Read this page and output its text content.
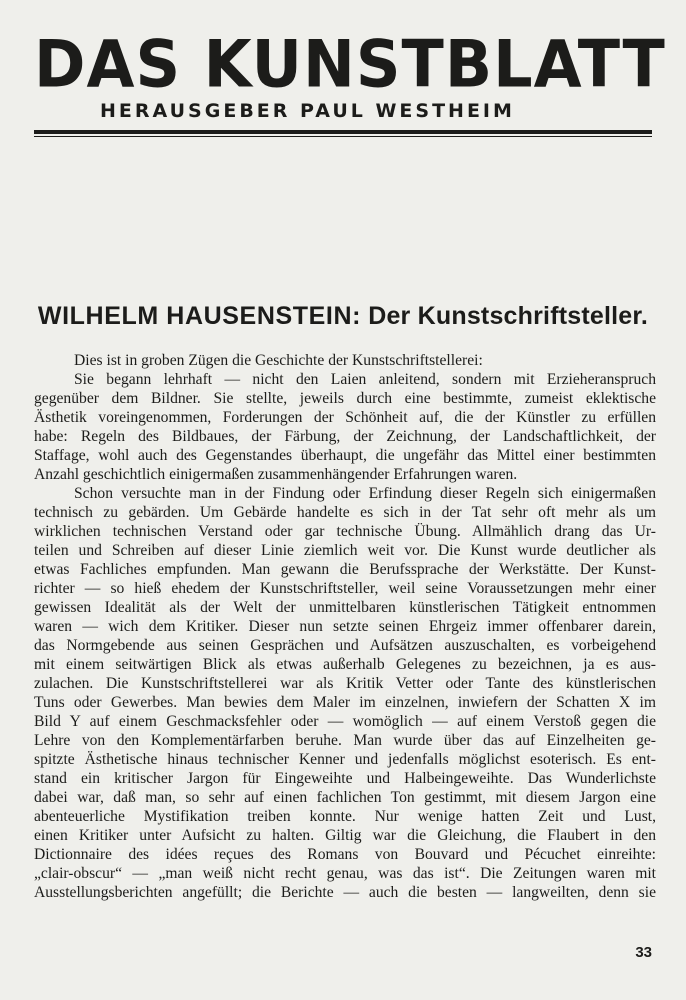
DAS KUNSTBLATT
HERAUSGEBER PAUL WESTHEIM
WILHELM HAUSENSTEIN: Der Kunstschriftsteller.
Dies ist in groben Zügen die Geschichte der Kunstschriftstellerei:
Sie begann lehrhaft — nicht den Laien anleitend, sondern mit Erzieheranspruch
gegenüber dem Bildner. Sie stellte, jeweils durch eine bestimmte, zumeist eklektische
Ästhetik voreingenommen, Forderungen der Schönheit auf, die der Künstler zu erfüllen
habe: Regeln des Bildbaues, der Färbung, der Zeichnung, der Landschaftlichkeit, der
Staffage, wohl auch des Gegenstandes überhaupt, die ungefähr das Mittel einer bestimmten
Anzahl geschichtlich einigermaßen zusammenhängender Erfahrungen waren.
Schon versuchte man in der Findung oder Erfindung dieser Regeln sich einigermaßen
technisch zu gebärden. Um Gebärde handelte es sich in der Tat sehr oft mehr als um
wirklichen technischen Verstand oder gar technische Übung. Allmählich drang das Ur-
teilen und Schreiben auf dieser Linie ziemlich weit vor. Die Kunst wurde deutlicher als
etwas Fachliches empfunden. Man gewann die Berufssprache der Werkstätte. Der Kunst-
richter — so hieß ehedem der Kunstschriftsteller, weil seine Voraussetzungen mehr einer
gewissen Idealität als der Welt der unmittelbaren künstlerischen Tätigkeit entnommen
waren — wich dem Kritiker. Dieser nun setzte seinen Ehrgeiz immer offenbarer darein,
das Normgebende aus seinen Gesprächen und Aufsätzen auszuschalten, es vorbeigehend
mit einem seitwärtigen Blick als etwas außerhalb Gelegenes zu bezeichnen, ja es aus-
zulachen. Die Kunstschriftstellerei war als Kritik Vetter oder Tante des künstlerischen
Tuns oder Gewerbes. Man bewies dem Maler im einzelnen, inwiefern der Schatten X im
Bild Y auf einem Geschmacksfehler oder — womöglich — auf einem Verstoß gegen die
Lehre von den Komplementärfarben beruhe. Man wurde über das auf Einzelheiten ge-
spitzte Ästhetische hinaus technischer Kenner und jedenfalls möglichst esoterisch. Es ent-
stand ein kritischer Jargon für Eingeweihte und Halbeingeweihte. Das Wunderlichste
dabei war, daß man, so sehr auf einen fachlichen Ton gestimmt, mit diesem Jargon eine
abenteuerliche Mystifikation treiben konnte. Nur wenige hatten Zeit und Lust,
einen Kritiker unter Aufsicht zu halten. Giltig war die Gleichung, die Flaubert in den
Dictionnaire des idées reçues des Romans von Bouvard und Pécuchet einreihte:
„clair-obscur“ — „man weiß nicht recht genau, was das ist“. Die Zeitungen waren mit
Ausstellungsberichten angefüllt; die Berichte — auch die besten — langweilten, denn sie
33
